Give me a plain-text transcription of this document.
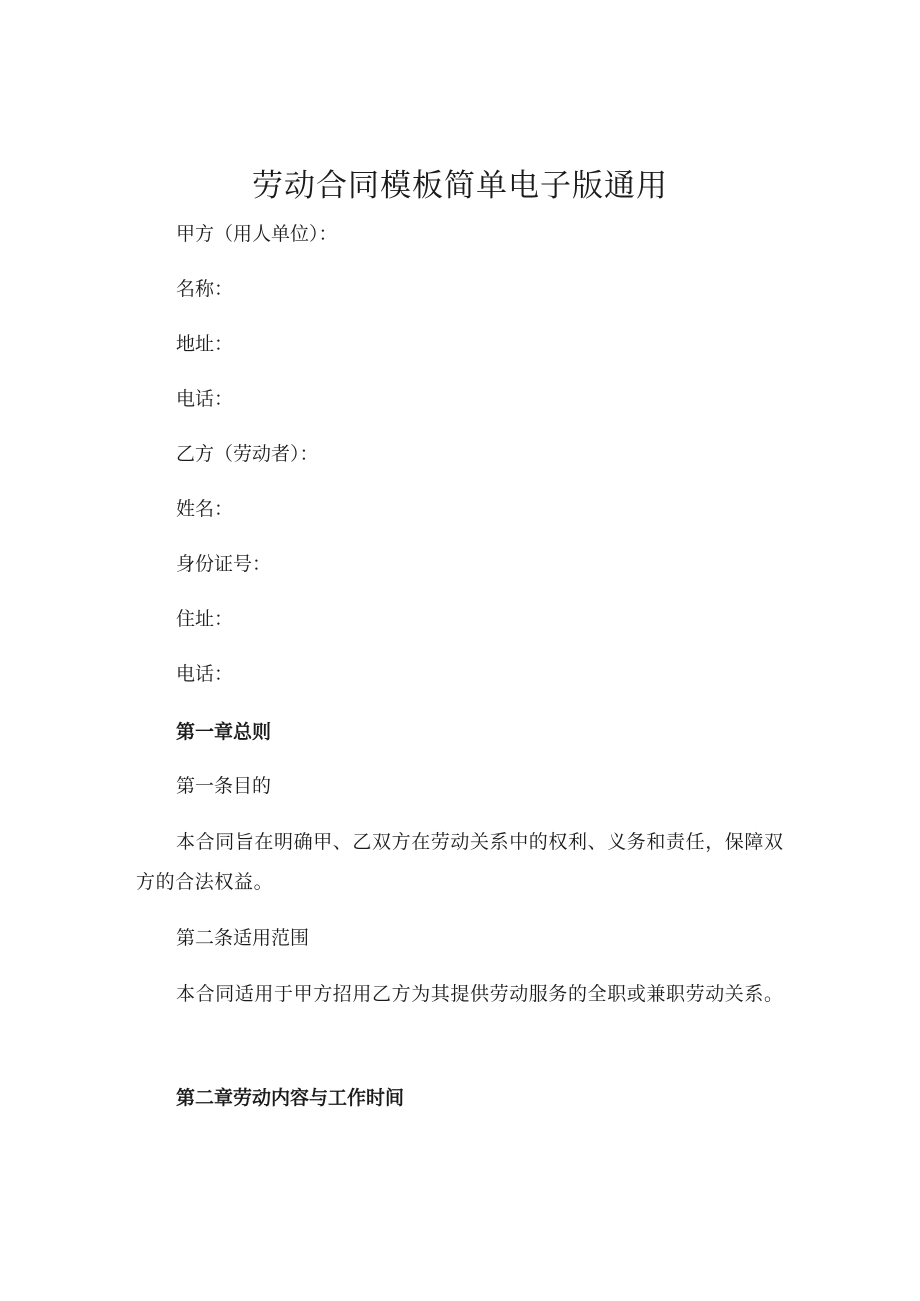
劳动合同模板简单电子版通用

甲方（用人单位）：

名称：

地址：

电话：

乙方（劳动者）：

姓名：

身份证号：

住址：

电话：

第一章总则

第一条目的

本合同旨在明确甲、乙双方在劳动关系中的权利、义务和责任，保障双方的合法权益。

第二条适用范围

本合同适用于甲方招用乙方为其提供劳动服务的全职或兼职劳动关系。

第二章劳动内容与工作时间
